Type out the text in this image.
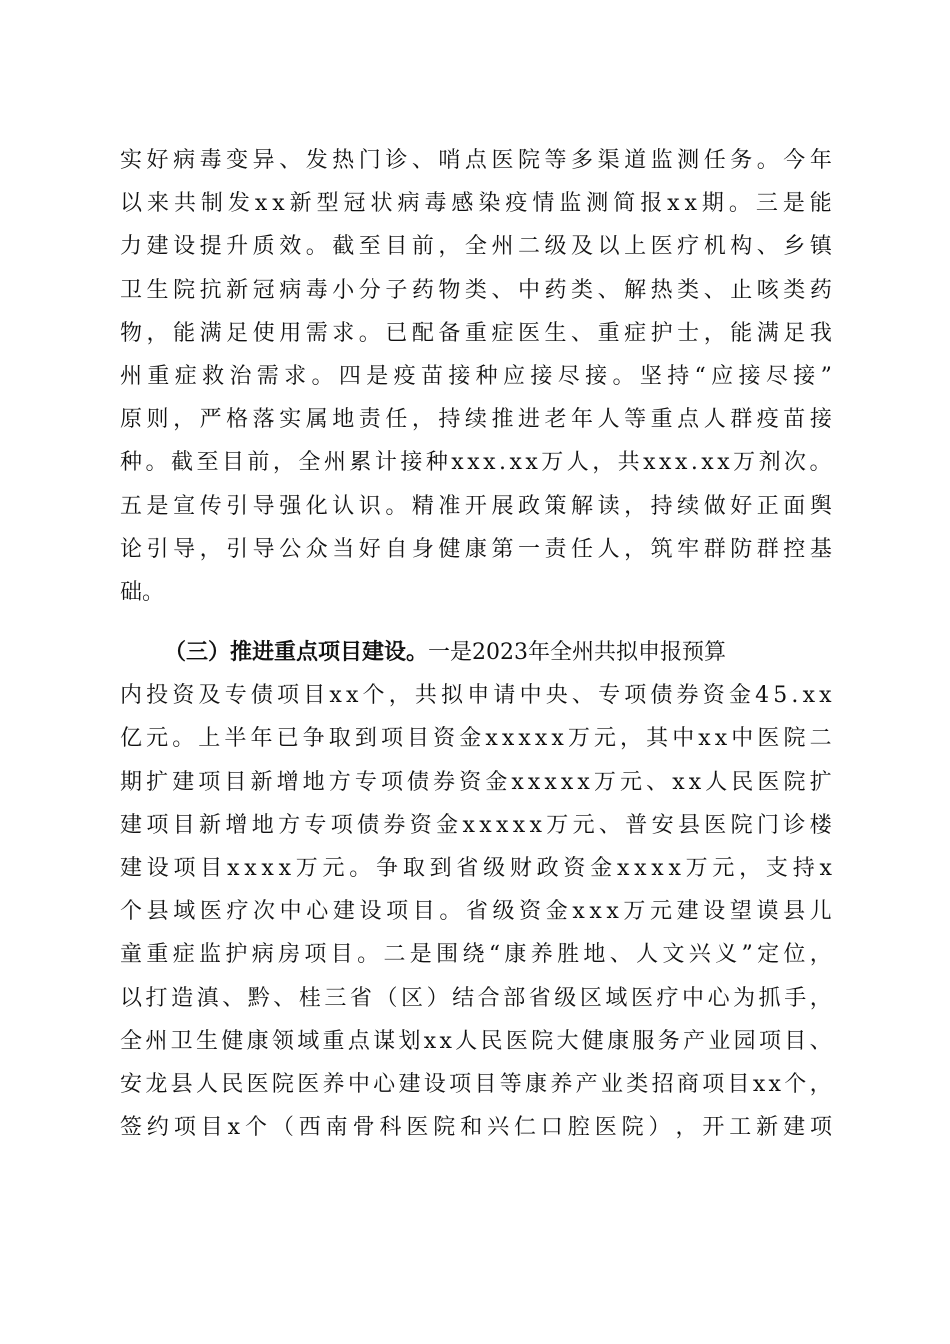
实 好 病 毒 变 异 、 发 热 门 诊 、 哨 点 医 院 等 多 渠 道 监 测 任 务 。 今 年
以 来 共 制 发 x x 新 型 冠 状 病 毒 感 染 疫 情 监 测 简 报 x x 期 。 三 是 能
力 建 设 提 升 质 效 。 截 至 目 前 ， 全 州 二 级 及 以 上 医 疗 机 构 、 乡 镇
卫 生 院 抗 新 冠 病 毒 小 分 子 药 物 类 、 中 药 类 、 解 热 类 、 止 咳 类 药
物 ， 能 满 足 使 用 需 求 。 已 配 备 重 症 医 生 、 重 症 护 士 ， 能 满 足 我
州 重 症 救 治 需 求 。 四 是 疫 苗 接 种 应 接 尽 接 。 坚 持 “ 应 接 尽 接 ”
原 则 ， 严 格 落 实 属 地 责 任 ， 持 续 推 进 老 年 人 等 重 点 人 群 疫 苗 接
种 。 截 至 目 前 ， 全 州 累 计 接 种 x x x . x x 万 人 ， 共 x x x . x x 万 剂 次 。
五 是 宣 传 引 导 强 化 认 识 。 精 准 开 展 政 策 解 读 ， 持 续 做 好 正 面 舆
论 引 导 ， 引 导 公 众 当 好 自 身 健 康 第 一 责 任 人 ， 筑 牢 群 防 群 控 基
础。
（三）推进重点项目建设。 一是2023年全州共拟申报预算
内 投 资 及 专 债 项 目 x x 个 ， 共 拟 申 请 中 央 、 专 项 债 券 资 金 4 5 . x x
亿 元 。 上 半 年 已 争 取 到 项 目 资 金 x x x x x 万 元 ， 其 中 x x 中 医 院 二
期 扩 建 项 目 新 增 地 方 专 项 债 券 资 金 x x x x x 万 元 、 x x 人 民 医 院 扩
建 项 目 新 增 地 方 专 项 债 券 资 金 x x x x x 万 元 、 普 安 县 医 院 门 诊 楼
建 设 项 目 x x x x 万 元 。 争 取 到 省 级 财 政 资 金 x x x x 万 元 ， 支 持 x
个 县 域 医 疗 次 中 心 建 设 项 目 。 省 级 资 金 x x x 万 元 建 设 望 谟 县 儿
童 重 症 监 护 病 房 项 目 。 二 是 围 绕 “ 康 养 胜 地 、 人 文 兴 义 ” 定 位 ，
以 打 造 滇 、 黔 、 桂 三 省 （ 区 ） 结 合 部 省 级 区 域 医 疗 中 心 为 抓 手 ，
全 州 卫 生 健 康 领 域 重 点 谋 划 x x 人 民 医 院 大 健 康 服 务 产 业 园 项 目 、
安 龙 县 人 民 医 院 医 养 中 心 建 设 项 目 等 康 养 产 业 类 招 商 项 目 x x 个 ，
签 约 项 目 x 个 （ 西 南 骨 科 医 院 和 兴 仁 口 腔 医 院 ） ， 开 工 新 建 项
